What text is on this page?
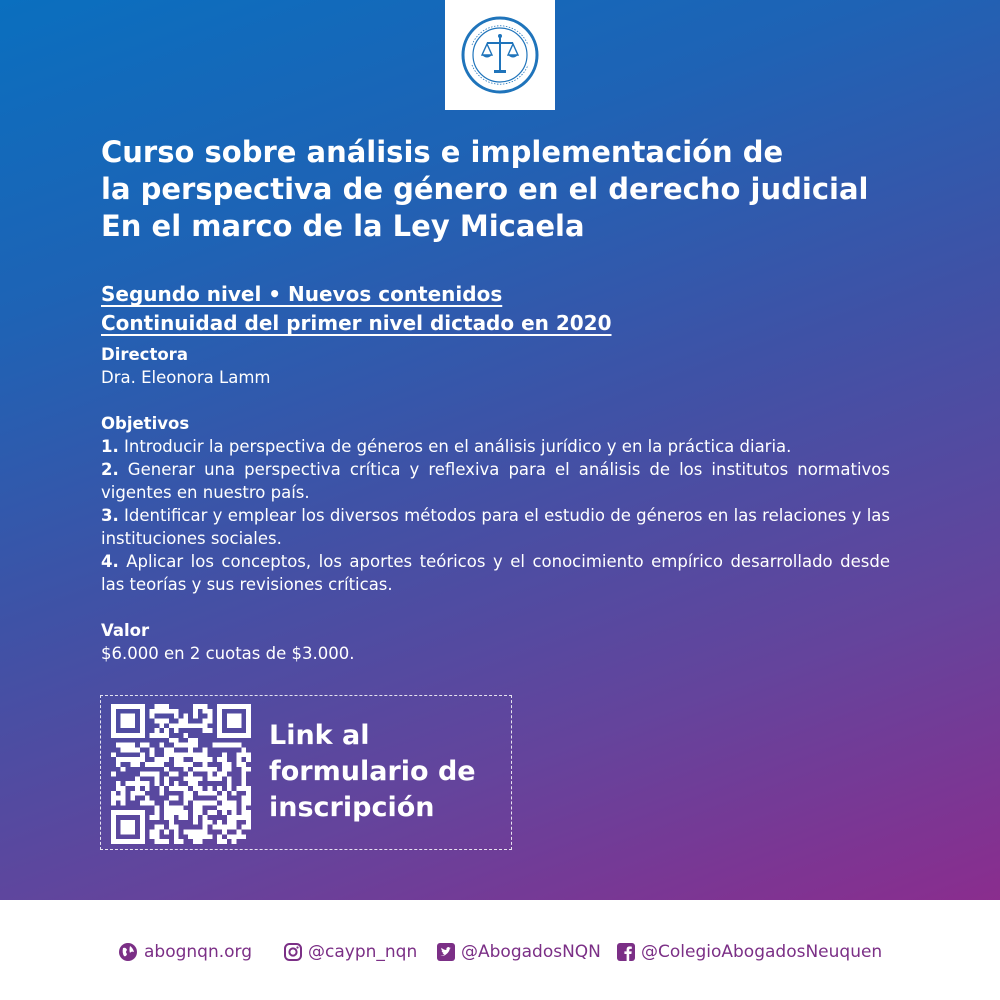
Curso sobre análisis e implementación de
la perspectiva de género en el derecho judicial
En el marco de la Ley Micaela
Segundo nivel • Nuevos contenidos
Continuidad del primer nivel dictado en 2020
Directora
Dra. Eleonora Lamm
Objetivos
1. Introducir la perspectiva de géneros en el análisis jurídico y en la práctica diaria.
2. Generar una perspectiva crítica y reflexiva para el análisis de los institutos normativos vigentes en nuestro país.
3. Identificar y emplear los diversos métodos para el estudio de géneros en las relaciones y las instituciones sociales.
4. Aplicar los conceptos, los aportes teóricos y el conocimiento empírico desarrollado desde las teorías y sus revisiones críticas.
Valor
$6.000 en 2 cuotas de $3.000.
Link al
formulario de
inscripción
abognqn.org	@caypn_nqn	@AbogadosNQN @ColegioAbogadosNeuquen
